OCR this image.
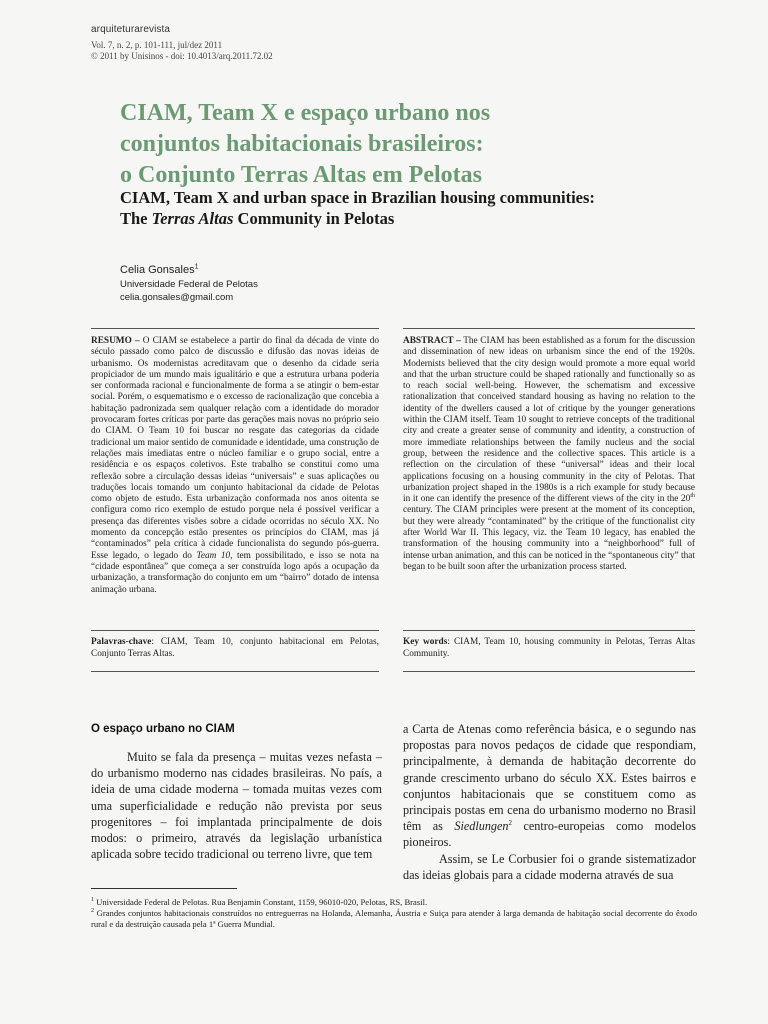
arquiteturarevista
Vol. 7, n. 2, p. 101-111, jul/dez 2011
© 2011 by Unisinos - doi: 10.4013/arq.2011.72.02
CIAM, Team X e espaço urbano nos
conjuntos habitacionais brasileiros:
o Conjunto Terras Altas em Pelotas
CIAM, Team X and urban space in Brazilian housing communities:
The Terras Altas Community in Pelotas
Celia Gonsales$^1$
Universidade Federal de Pelotas
celia.gonsales@gmail.com
RESUMO – O CIAM se estabelece a partir do final da década de vinte do século passado como palco de discussão e difusão das novas ideias de urbanismo. Os modernistas acreditavam que o desenho da cidade seria propiciador de um mundo mais igualitário e que a estrutura urbana poderia ser conformada racional e funcionalmente de forma a se atingir o bem-estar social. Porém, o esquematismo e o excesso de racionalização que concebia a habitação padronizada sem qualquer relação com a identidade do morador provocaram fortes críticas por parte das gerações mais novas no próprio seio do CIAM. O Team 10 foi buscar no resgate das categorias da cidade tradicional um maior sentido de comunidade e identidade, uma construção de relações mais imediatas entre o núcleo familiar e o grupo social, entre a residência e os espaços coletivos. Este trabalho se constitui como uma reflexão sobre a circulação dessas ideias “universais” e suas aplicações ou traduções locais tomando um conjunto habitacional da cidade de Pelotas como objeto de estudo. Esta urbanização conformada nos anos oitenta se configura como rico exemplo de estudo porque nela é possível verificar a presença das diferentes visões sobre a cidade ocorridas no século XX. No momento da concepção estão presentes os princípios do CIAM, mas já “contaminados” pela crítica à cidade funcionalista do segundo pós-guerra. Esse legado, o legado do Team 10, tem possibilitado, e isso se nota na “cidade espontânea” que começa a ser construída logo após a ocupação da urbanização, a transformação do conjunto em um “bairro” dotado de intensa animação urbana.
ABSTRACT – The CIAM has been established as a forum for the discussion and dissemination of new ideas on urbanism since the end of the 1920s. Modernists believed that the city design would promote a more equal world and that the urban structure could be shaped rationally and functionally so as to reach social well-being. However, the schematism and excessive rationalization that conceived standard housing as having no relation to the identity of the dwellers caused a lot of critique by the younger generations within the CIAM itself. Team 10 sought to retrieve concepts of the traditional city and create a greater sense of community and identity, a construction of more immediate relationships between the family nucleus and the social group, between the residence and the collective spaces. This article is a reflection on the circulation of these “universal” ideas and their local applications focusing on a housing community in the city of Pelotas. That urbanization project shaped in the 1980s is a rich example for study because in it one can identify the presence of the different views of the city in the 20th century. The CIAM principles were present at the moment of its conception, but they were already “contaminated” by the critique of the functionalist city after World War II. This legacy, viz. the Team 10 legacy, has enabled the transformation of the housing community into a “neighborhood” full of intense urban animation, and this can be noticed in the “spontaneous city” that began to be built soon after the urbanization process started.
Palavras-chave: CIAM, Team 10, conjunto habitacional em Pelotas, Conjunto Terras Altas.
Key words: CIAM, Team 10, housing community in Pelotas, Terras Altas Community.
O espaço urbano no CIAM

Muito se fala da presença – muitas vezes nefasta – do urbanismo moderno nas cidades brasileiras. No país, a ideia de uma cidade moderna – tomada muitas vezes com uma superficialidade e redução não prevista por seus progenitores – foi implantada principalmente de dois modos: o primeiro, através da legislação urbanística aplicada sobre tecido tradicional ou terreno livre, que tem

a Carta de Atenas como referência básica, e o segundo nas propostas para novos pedaços de cidade que respondiam, principalmente, à demanda de habitação decorrente do grande crescimento urbano do século XX. Estes bairros e conjuntos habitacionais que se constituem como as principais postas em cena do urbanismo moderno no Brasil têm as Siedlungen$^2$ centro-europeias como modelos pioneiros.

Assim, se Le Corbusier foi o grande sistematizador das ideias globais para a cidade moderna através de sua

$^1$ Universidade Federal de Pelotas. Rua Benjamin Constant, 1159, 96010-020, Pelotas, RS, Brasil.

$^2$ Grandes conjuntos habitacionais construídos no entreguerras na Holanda, Alemanha, Áustria e Suiça para atender à larga demanda de habitação social decorrente do êxodo rural e da destruição causada pela 1ª Guerra Mundial.
